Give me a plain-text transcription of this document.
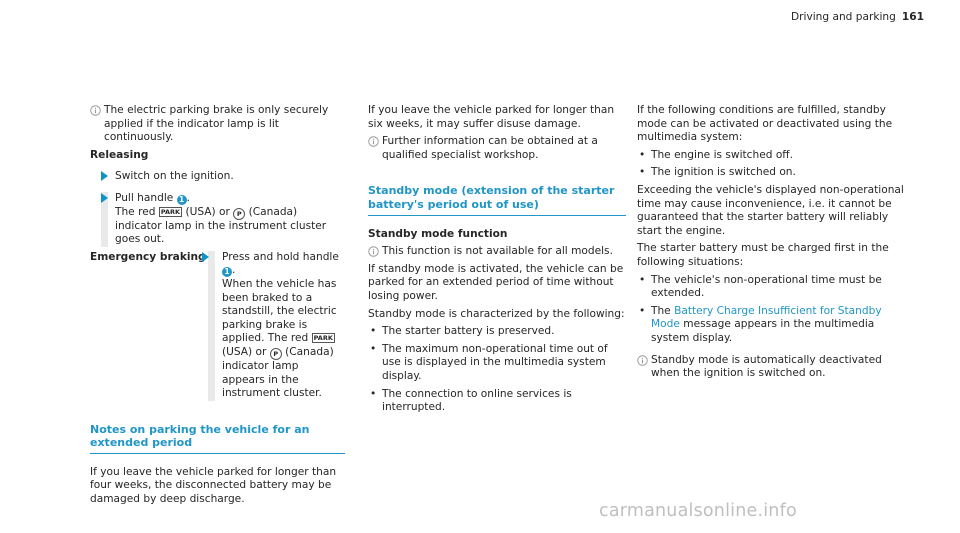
Driving and parking 161
The electric parking brake is only securely applied if the indicator lamp is lit continuously.
Releasing
Switch on the ignition.
Pull handle 1 .
The red PARK (USA) or P (Canada) indicator lamp in the instrument cluster goes out.
Emergency braking	Press and hold handle 1 .
When the vehicle has been braked to a standstill, the electric parking brake is applied. The red PARK (USA) or P (Canada) indicator lamp appears in the instrument cluster.
Notes on parking the vehicle for an extended period
If you leave the vehicle parked for longer than four weeks, the disconnected battery may be damaged by deep discharge.
If you leave the vehicle parked for longer than six weeks, it may suffer disuse damage.
Further information can be obtained at a qualified specialist workshop.
Standby mode (extension of the starter battery's period out of use)
Standby mode function
This function is not available for all models.
If standby mode is activated, the vehicle can be parked for an extended period of time without losing power.
Standby mode is characterized by the following:
• The starter battery is preserved.
• The maximum non-operational time out of use is displayed in the multimedia system display.
• The connection to online services is interrupted.
If the following conditions are fulfilled, standby mode can be activated or deactivated using the multimedia system:
• The engine is switched off.
• The ignition is switched on.
Exceeding the vehicle's displayed non-operational time may cause inconvenience, i.e. it cannot be guaranteed that the starter battery will reliably start the engine.
The starter battery must be charged first in the following situations:
• The vehicle's non-operational time must be extended.
• The Battery Charge Insufficient for Standby Mode message appears in the multimedia system display.
Standby mode is automatically deactivated when the ignition is switched on.
carmanualsonline.info
